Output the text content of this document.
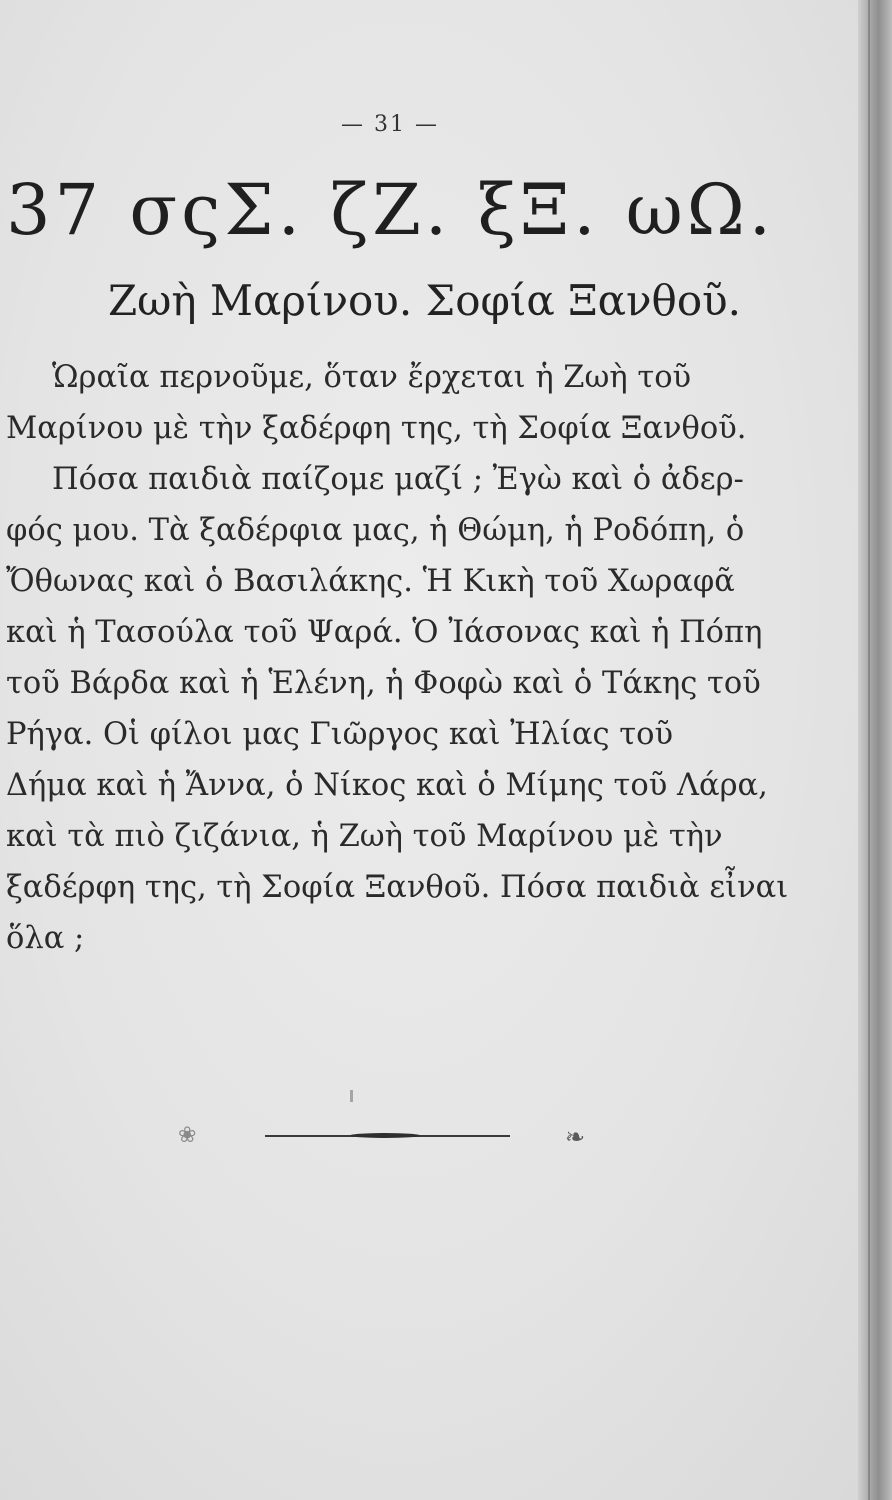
— 31 —
37 σςΣ. ζΖ. ξΞ. ωΩ.
Ζωὴ Μαρίνου. Σοφία Ξανθοῦ.
Ὡραῖα περνοῦμε, ὅταν ἔρχεται ἡ Ζωὴ τοῦ
Μαρίνου μὲ τὴν ξαδέρφη της, τὴ Σοφία Ξανθοῦ.
Πόσα παιδιὰ παίζομε μαζί ; Ἐγὼ καὶ ὁ ἀδερ-
φός μου. Τὰ ξαδέρφια μας, ἡ Θώμη, ἡ Ροδόπη, ὁ
Ὄθωνας καὶ ὁ Βασιλάκης. Ἡ Κικὴ τοῦ Χωραφᾶ
καὶ ἡ Τασούλα τοῦ Ψαρά. Ὁ Ἰάσονας καὶ ἡ Πόπη
τοῦ Βάρδα καὶ ἡ Ἑλένη, ἡ Φοφὼ καὶ ὁ Τάκης τοῦ
Ρήγα. Οἱ φίλοι μας Γιῶργος καὶ Ἠλίας τοῦ
Δήμα καὶ ἡ Ἄννα, ὁ Νίκος καὶ ὁ Μίμης τοῦ Λάρα,
καὶ τὰ πιὸ ζιζάνια, ἡ Ζωὴ τοῦ Μαρίνου μὲ τὴν
ξαδέρφη της, τὴ Σοφία Ξανθοῦ. Πόσα παιδιὰ εἶναι
ὅλα ;
❀	❧
